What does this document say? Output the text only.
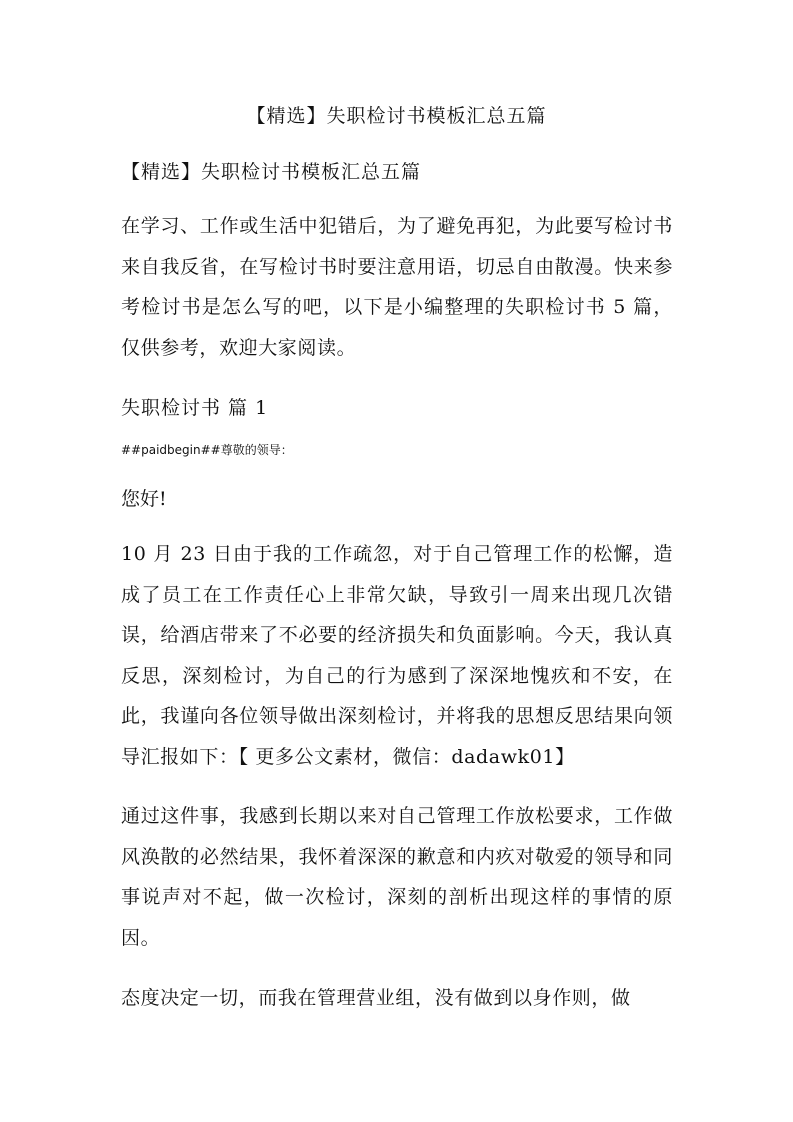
【精选】失职检讨书模板汇总五篇
【精选】失职检讨书模板汇总五篇
在学习、工作或生活中犯错后，为了避免再犯，为此要写检讨书来自我反省，在写检讨书时要注意用语，切忌自由散漫。快来参考检讨书是怎么写的吧，以下是小编整理的失职检讨书 5 篇，仅供参考，欢迎大家阅读。
失职检讨书 篇 1
##paidbegin##尊敬的领导：
您好!
10 月 23 日由于我的工作疏忽，对于自己管理工作的松懈，造成了员工在工作责任心上非常欠缺，导致引一周来出现几次错误，给酒店带来了不必要的经济损失和负面影响。今天，我认真反思，深刻检讨，为自己的行为感到了深深地愧疚和不安，在此，我谨向各位领导做出深刻检讨，并将我的思想反思结果向领导汇报如下：【 更多公文素材，微信：dadawk01】
通过这件事，我感到长期以来对自己管理工作放松要求，工作做风涣散的必然结果，我怀着深深的歉意和内疚对敬爱的领导和同事说声对不起，做一次检讨，深刻的剖析出现这样的事情的原因。
态度决定一切，而我在管理营业组，没有做到以身作则，做
